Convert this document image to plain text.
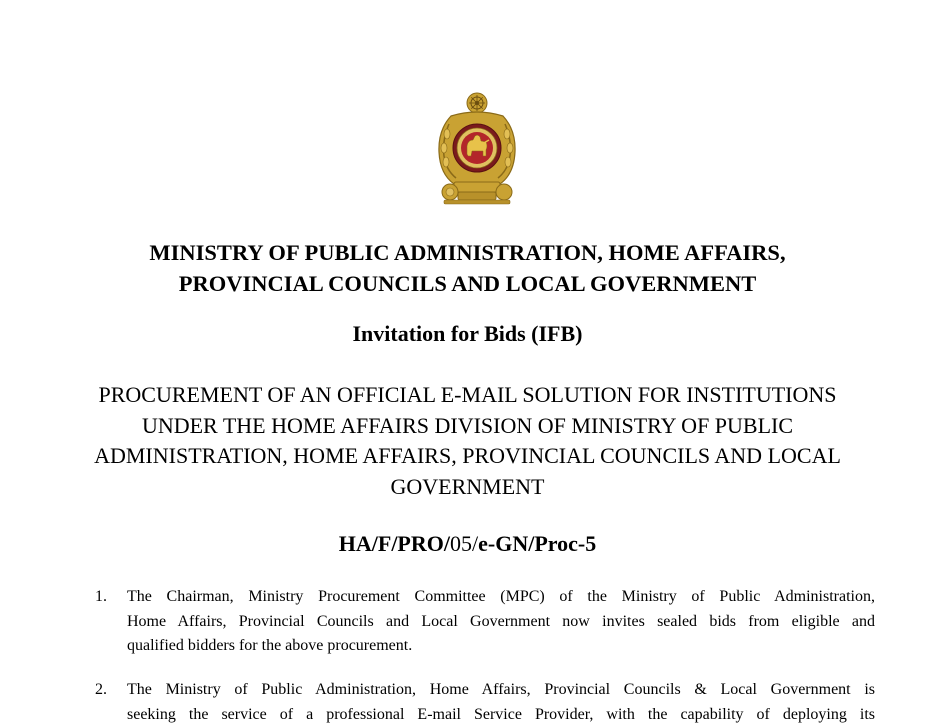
MINISTRY OF PUBLIC ADMINISTRATION, HOME AFFAIRS,
PROVINCIAL COUNCILS AND LOCAL GOVERNMENT
Invitation for Bids (IFB)
PROCUREMENT OF AN OFFICIAL E-MAIL SOLUTION FOR INSTITUTIONS
UNDER THE HOME AFFAIRS DIVISION OF MINISTRY OF PUBLIC
ADMINISTRATION, HOME AFFAIRS, PROVINCIAL COUNCILS AND LOCAL
GOVERNMENT
HA/F/PRO/05/e-GN/Proc-5
1. The Chairman, Ministry Procurement Committee (MPC) of the Ministry of Public Administration,
Home Affairs, Provincial Councils and Local Government now invites sealed bids from eligible and
qualified bidders for the above procurement.
2. The Ministry of Public Administration, Home Affairs, Provincial Councils & Local Government is
seeking the service of a professional E-mail Service Provider, with the capability of deploying its
